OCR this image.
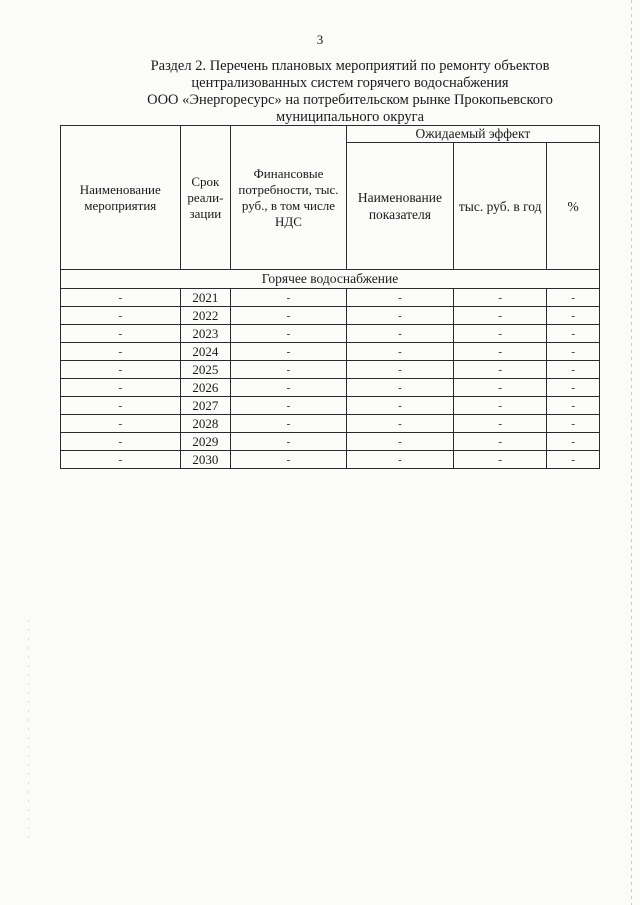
3
Раздел 2. Перечень плановых мероприятий по ремонту объектов
централизованных систем горячего водоснабжения
ООО «Энергоресурс» на потребительском рынке Прокопьевского
муниципального округа
Наименование мероприятия	Срок реали-зации	Финансовые потребности, тыс. руб., в том числе НДС	Ожидаемый эффект		
			Наименование показателя	тыс. руб. в год	%
Горячее водоснабжение					
-	2021	-	-	-	-
-	2022	-	-	-	-
-	2023	-	-	-	-
-	2024	-	-	-	-
-	2025	-	-	-	-
-	2026	-	-	-	-
-	2027	-	-	-	-
-	2028	-	-	-	-
-	2029	-	-	-	-
-	2030	-	-	-	-
